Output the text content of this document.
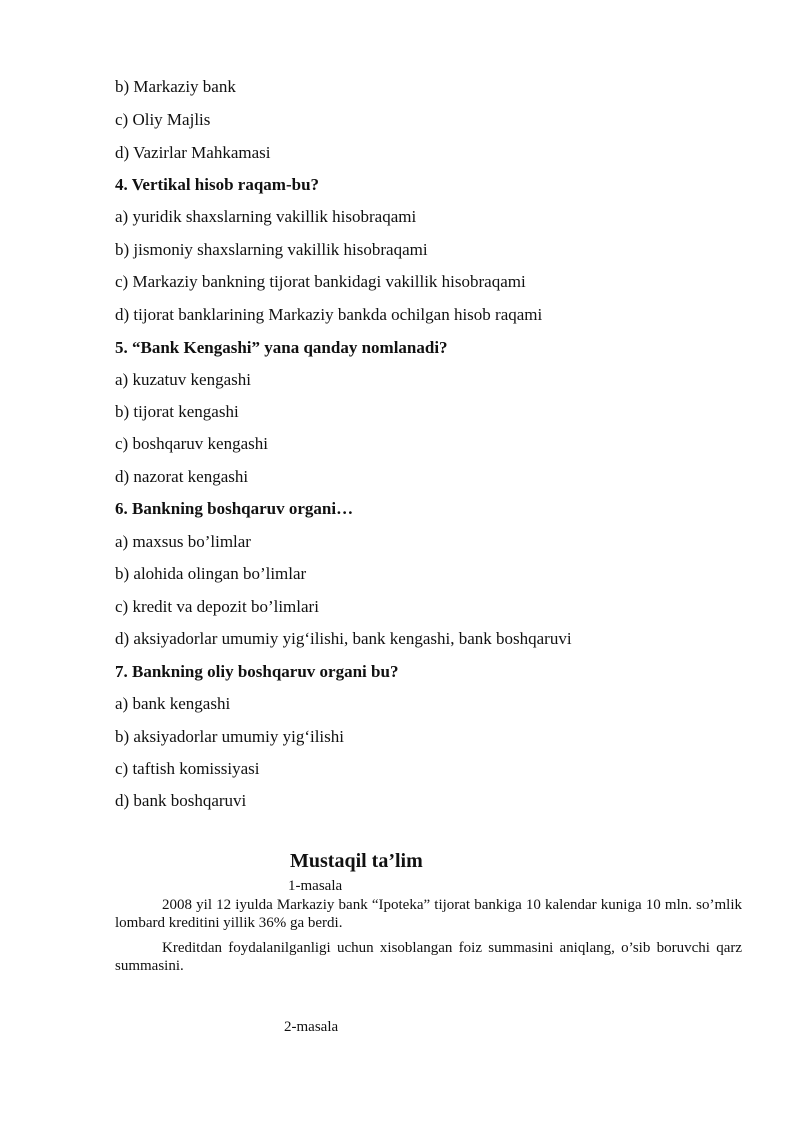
b) Markaziy bank
c) Oliy Majlis
d) Vazirlar Mahkamasi
4. Vertikal hisob raqam-bu?
a) yuridik shaxslarning vakillik hisobraqami
b) jismoniy shaxslarning vakillik hisobraqami
c) Markaziy bankning tijorat bankidagi vakillik hisobraqami
d) tijorat banklarining Markaziy bankda ochilgan hisob raqami
5. “Bank Kengashi” yana qanday nomlanadi?
a) kuzatuv kengashi
b) tijorat kengashi
c) boshqaruv kengashi
d) nazorat kengashi
6. Bankning boshqaruv organi…
a) maxsus bo’limlar
b) alohida olingan bo’limlar
c) kredit va depozit bo’limlari
d) aksiyadorlar umumiy yig‘ilishi, bank kengashi, bank boshqaruvi
7. Bankning oliy boshqaruv organi bu?
a) bank kengashi
b) aksiyadorlar umumiy yig‘ilishi
c) taftish komissiyasi
d) bank boshqaruvi
Mustaqil ta’lim
1-masala
2008 yil 12 iyulda Markaziy bank “Ipoteka” tijorat bankiga 10 kalendar kuniga 10 mln. so’mlik lombard kreditini yillik 36% ga berdi.
Kreditdan foydalanilganligi uchun xisoblangan foiz summasini aniqlang, o’sib boruvchi qarz summasini.
2-masala
